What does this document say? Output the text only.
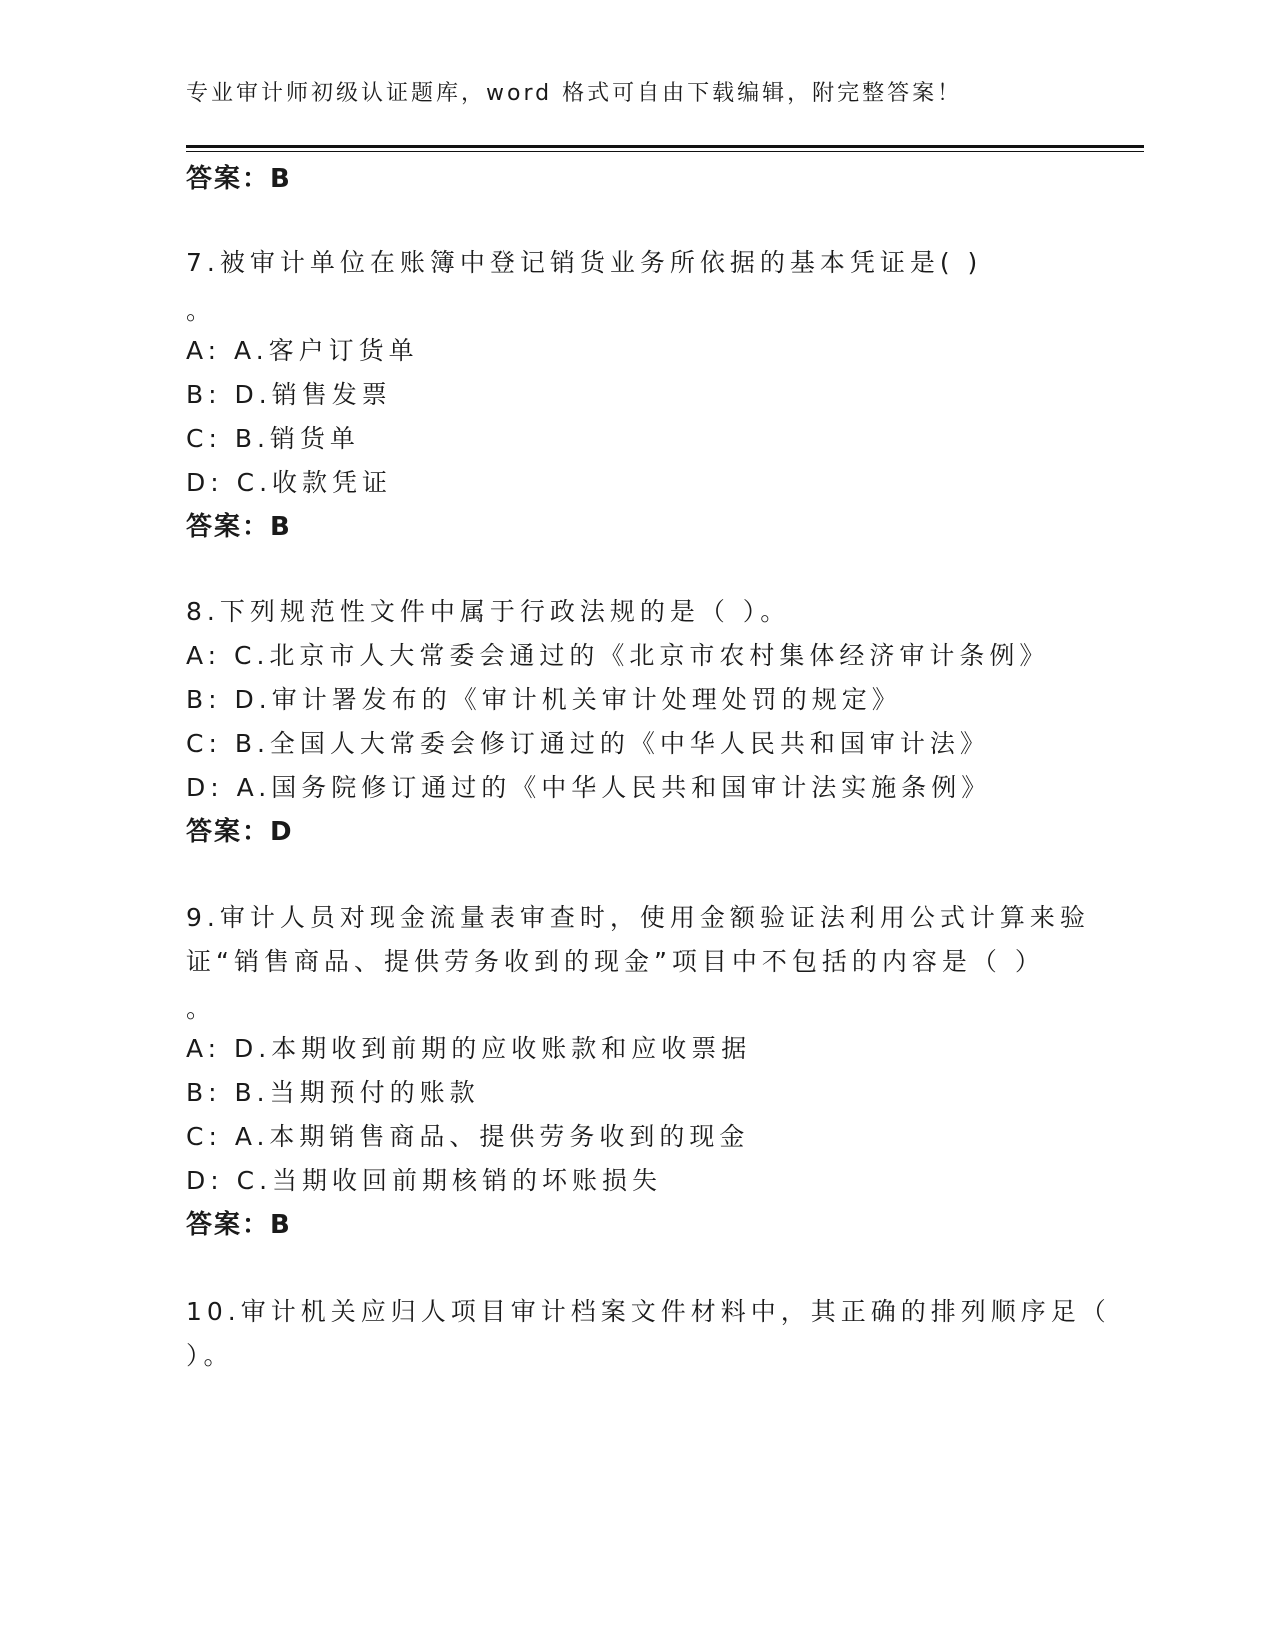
专业审计师初级认证题库，word 格式可自由下载编辑，附完整答案！
答案：B
7.被审计单位在账簿中登记销货业务所依据的基本凭证是( )
。
A: A.客户订货单
B: D.销售发票
C: B.销货单
D: C.收款凭证
答案：B
8.下列规范性文件中属于行政法规的是（ ）。
A: C.北京市人大常委会通过的《北京市农村集体经济审计条例》
B: D.审计署发布的《审计机关审计处理处罚的规定》
C: B.全国人大常委会修订通过的《中华人民共和国审计法》
D: A.国务院修订通过的《中华人民共和国审计法实施条例》
答案：D
9.审计人员对现金流量表审查时，使用金额验证法利用公式计算来验
证“销售商品、提供劳务收到的现金”项目中不包括的内容是（ ）
。
A: D.本期收到前期的应收账款和应收票据
B: B.当期预付的账款
C: A.本期销售商品、提供劳务收到的现金
D: C.当期收回前期核销的坏账损失
答案：B
10.审计机关应归人项目审计档案文件材料中，其正确的排列顺序足（
）。
